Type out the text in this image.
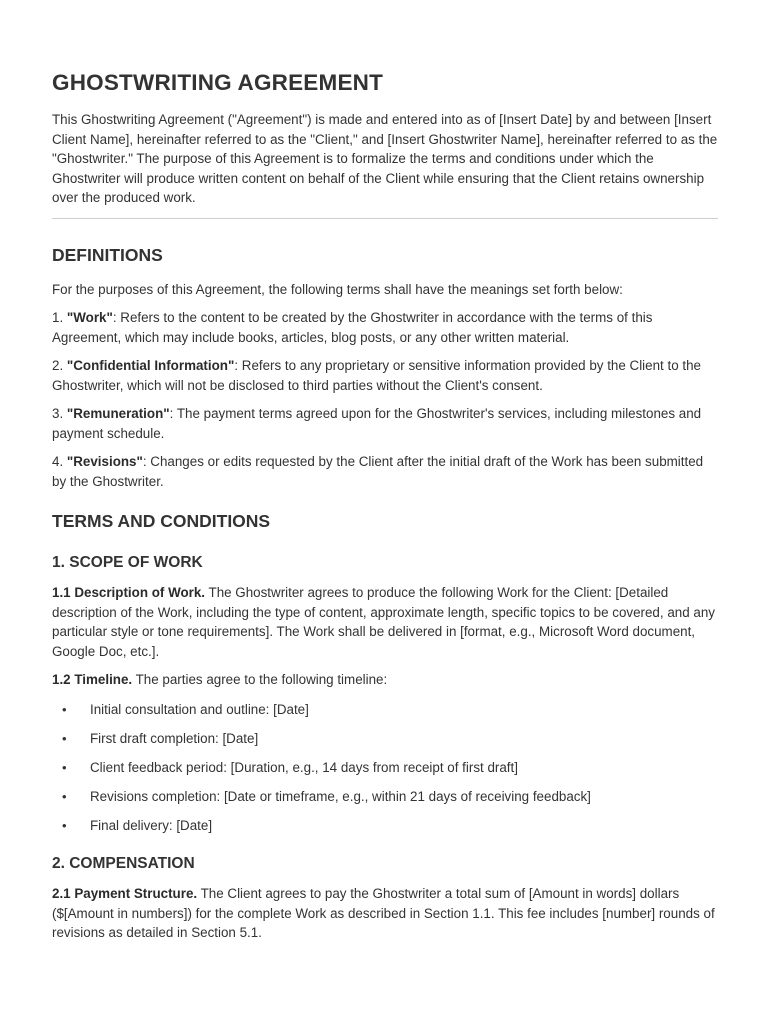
GHOSTWRITING AGREEMENT

This Ghostwriting Agreement ("Agreement") is made and entered into as of [Insert Date] by and between [Insert Client Name], hereinafter referred to as the "Client," and [Insert Ghostwriter Name], hereinafter referred to as the "Ghostwriter." The purpose of this Agreement is to formalize the terms and conditions under which the Ghostwriter will produce written content on behalf of the Client while ensuring that the Client retains ownership over the produced work.

DEFINITIONS

For the purposes of this Agreement, the following terms shall have the meanings set forth below:

1. "Work": Refers to the content to be created by the Ghostwriter in accordance with the terms of this Agreement, which may include books, articles, blog posts, or any other written material.

2. "Confidential Information": Refers to any proprietary or sensitive information provided by the Client to the Ghostwriter, which will not be disclosed to third parties without the Client's consent.

3. "Remuneration": The payment terms agreed upon for the Ghostwriter's services, including milestones and payment schedule.

4. "Revisions": Changes or edits requested by the Client after the initial draft of the Work has been submitted by the Ghostwriter.

TERMS AND CONDITIONS
1. SCOPE OF WORK

1.1 Description of Work. The Ghostwriter agrees to produce the following Work for the Client: [Detailed description of the Work, including the type of content, approximate length, specific topics to be covered, and any particular style or tone requirements]. The Work shall be delivered in [format, e.g., Microsoft Word document, Google Doc, etc.].

1.2 Timeline. The parties agree to the following timeline:

• Initial consultation and outline: [Date]
• First draft completion: [Date]
• Client feedback period: [Duration, e.g., 14 days from receipt of first draft]
• Revisions completion: [Date or timeframe, e.g., within 21 days of receiving feedback]
• Final delivery: [Date]
2. COMPENSATION

2.1 Payment Structure. The Client agrees to pay the Ghostwriter a total sum of [Amount in words] dollars ($[Amount in numbers]) for the complete Work as described in Section 1.1. This fee includes [number] rounds of revisions as detailed in Section 5.1.
